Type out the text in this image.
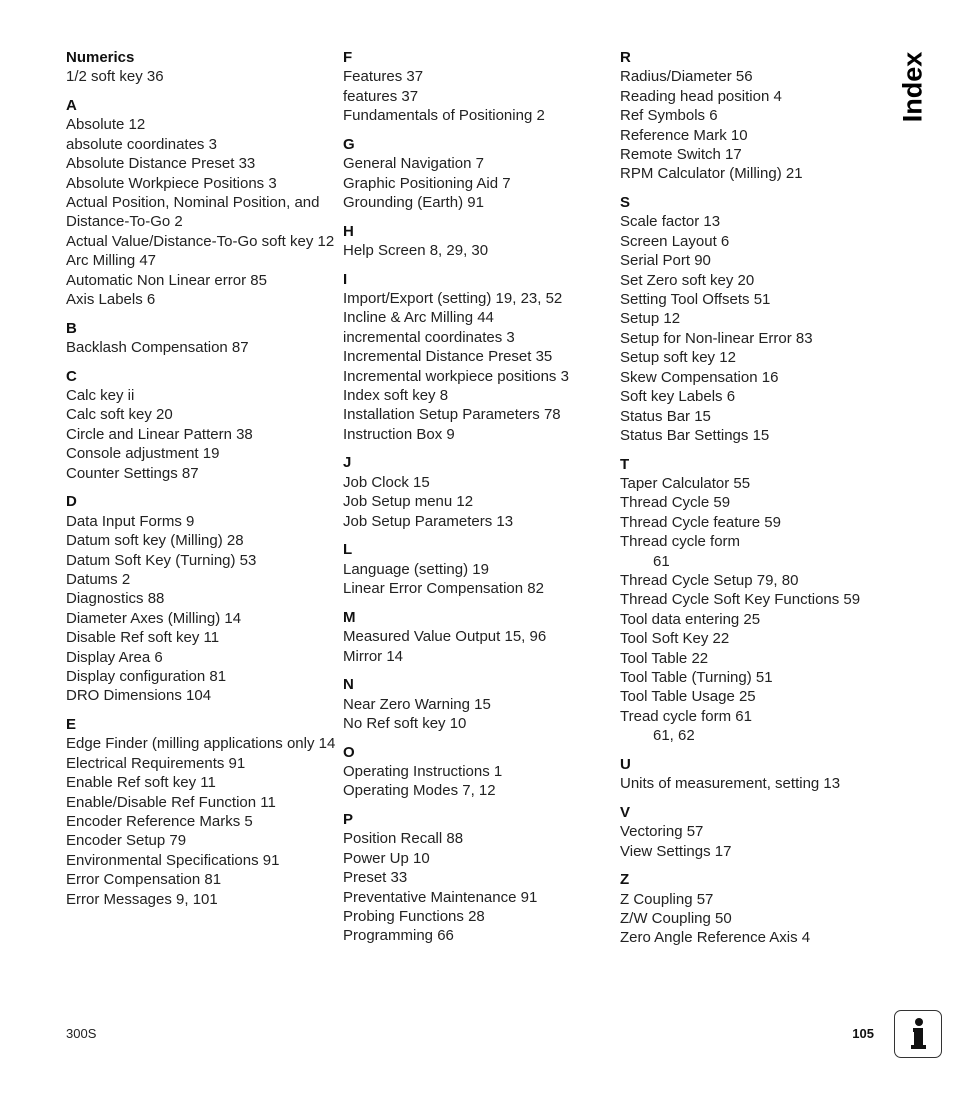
Numerics
1/2 soft key 36
A
Absolute 12
absolute coordinates 3
Absolute Distance Preset 33
Absolute Workpiece Positions 3
Actual Position, Nominal Position, and Distance-To-Go 2
Actual Value/Distance-To-Go soft key 12
Arc Milling 47
Automatic Non Linear error 85
Axis Labels 6
B
Backlash Compensation 87
C
Calc key ii
Calc soft key 20
Circle and Linear Pattern 38
Console adjustment 19
Counter Settings 87
D
Data Input Forms 9
Datum soft key (Milling) 28
Datum Soft Key (Turning) 53
Datums 2
Diagnostics 88
Diameter Axes (Milling) 14
Disable Ref soft key 11
Display Area 6
Display configuration 81
DRO Dimensions 104
E
Edge Finder (milling applications only 14
Electrical Requirements 91
Enable Ref soft key 11
Enable/Disable Ref Function 11
Encoder Reference Marks 5
Encoder Setup 79
Environmental Specifications 91
Error Compensation 81
Error Messages 9, 101
F
Features 37
features 37
Fundamentals of Positioning 2
G
General Navigation 7
Graphic Positioning Aid 7
Grounding (Earth) 91
H
Help Screen 8, 29, 30
I
Import/Export (setting) 19, 23, 52
Incline & Arc Milling 44
incremental coordinates 3
Incremental Distance Preset 35
Incremental workpiece positions 3
Index soft key 8
Installation Setup Parameters 78
Instruction Box 9
J
Job Clock 15
Job Setup menu 12
Job Setup Parameters 13
L
Language (setting) 19
Linear Error Compensation 82
M
Measured Value Output 15, 96
Mirror 14
N
Near Zero Warning 15
No Ref soft key 10
O
Operating Instructions 1
Operating Modes 7, 12
P
Position Recall 88
Power Up 10
Preset 33
Preventative Maintenance 91
Probing Functions 28
Programming 66
R
Radius/Diameter 56
Reading head position 4
Ref Symbols 6
Reference Mark 10
Remote Switch 17
RPM Calculator (Milling) 21
S
Scale factor 13
Screen Layout 6
Serial Port 90
Set Zero soft key 20
Setting Tool Offsets 51
Setup 12
Setup for Non-linear Error 83
Setup soft key 12
Skew Compensation 16
Soft key Labels 6
Status Bar 15
Status Bar Settings 15
T
Taper Calculator 55
Thread Cycle 59
Thread Cycle feature 59
Thread cycle form
61
Thread Cycle Setup 79, 80
Thread Cycle Soft Key Functions 59
Tool data entering 25
Tool Soft Key 22
Tool Table 22
Tool Table (Turning) 51
Tool Table Usage 25
Tread cycle form 61
61, 62
U
Units of measurement, setting 13
V
Vectoring 57
View Settings 17
Z
Z Coupling 57
Z/W Coupling 50
Zero Angle Reference Axis 4
Index
300S	105
